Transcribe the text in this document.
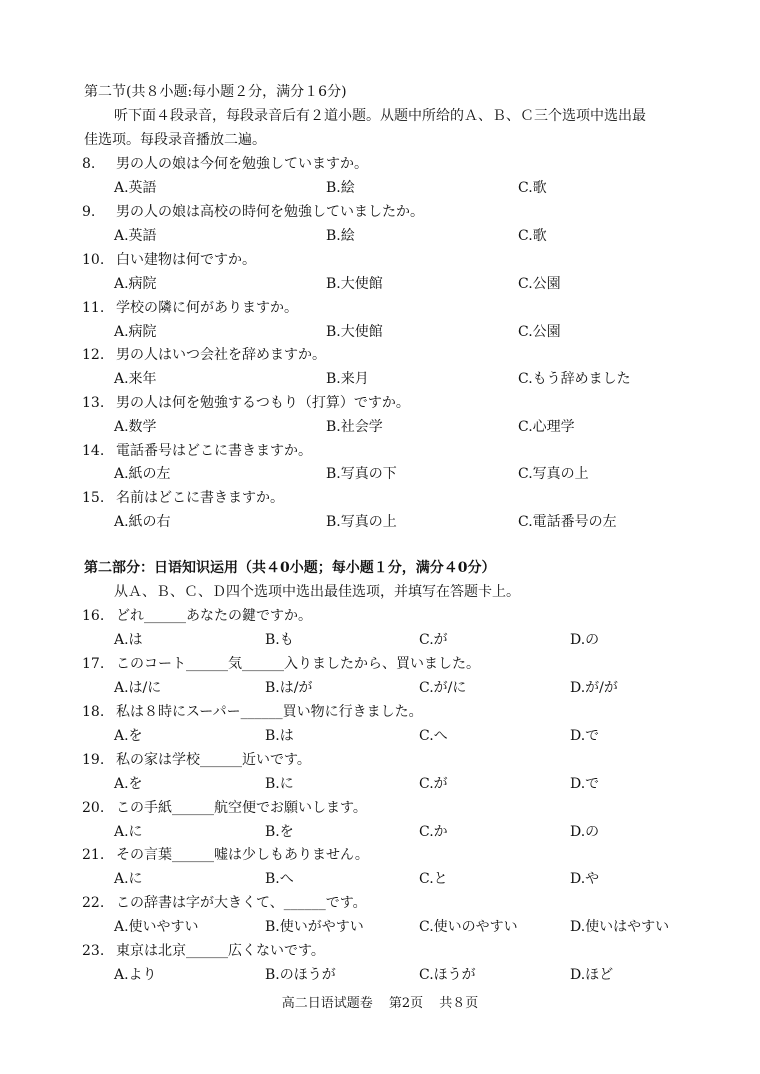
第二节(共８小题:每小题２分，满分１6分)
听下面４段录音，每段录音后有２道小题。从题中所给的Ａ、Ｂ、Ｃ三个选项中选出最
佳选项。每段录音播放二遍。
8. 男の人の娘は今何を勉強していますか。
A.英語	B.絵	C.歌
9. 男の人の娘は高校の時何を勉強していましたか。
A.英語	B.絵	C.歌
10. 白い建物は何ですか。
A.病院	B.大使館	C.公園
11. 学校の隣に何がありますか。
A.病院	B.大使館	C.公園
12. 男の人はいつ会社を辞めますか。
A.来年	B.来月	C.もう辞めました
13. 男の人は何を勉強するつもり（打算）ですか。
A.数学	B.社会学	C.心理学
14. 電話番号はどこに書きますか。
A.紙の左	B.写真の下	C.写真の上
15. 名前はどこに書きますか。
A.紙の右	B.写真の上	C.電話番号の左
第二部分：日语知识运用（共４0小题；每小题１分，满分４0分）
从Ａ、Ｂ、Ｃ、Ｄ四个选项中选出最佳选项，并填写在答题卡上。
16. どれ______あなたの鍵ですか。
A.は	B.も	C.が	D.の
17. このコート______気______入りましたから、買いました。
A.は/に	B.は/が	C.が/に	D.が/が
18. 私は８時にスーパー______買い物に行きました。
A.を	B.は	C.へ	D.で
19. 私の家は学校______近いです。
A.を	B.に	C.が	D.で
20. この手紙______航空便でお願いします。
A.に	B.を	C.か	D.の
21. その言葉______嘘は少しもありません。
A.に	B.へ	C.と	D.や
22. この辞書は字が大きくて、______です。
A.使いやすい	B.使いがやすい	C.使いのやすい	D.使いはやすい
23. 東京は北京______広くないです。
A.より	B.のほうが	C.ほうが	D.ほど
高二日语试题卷 第2页 共８页
